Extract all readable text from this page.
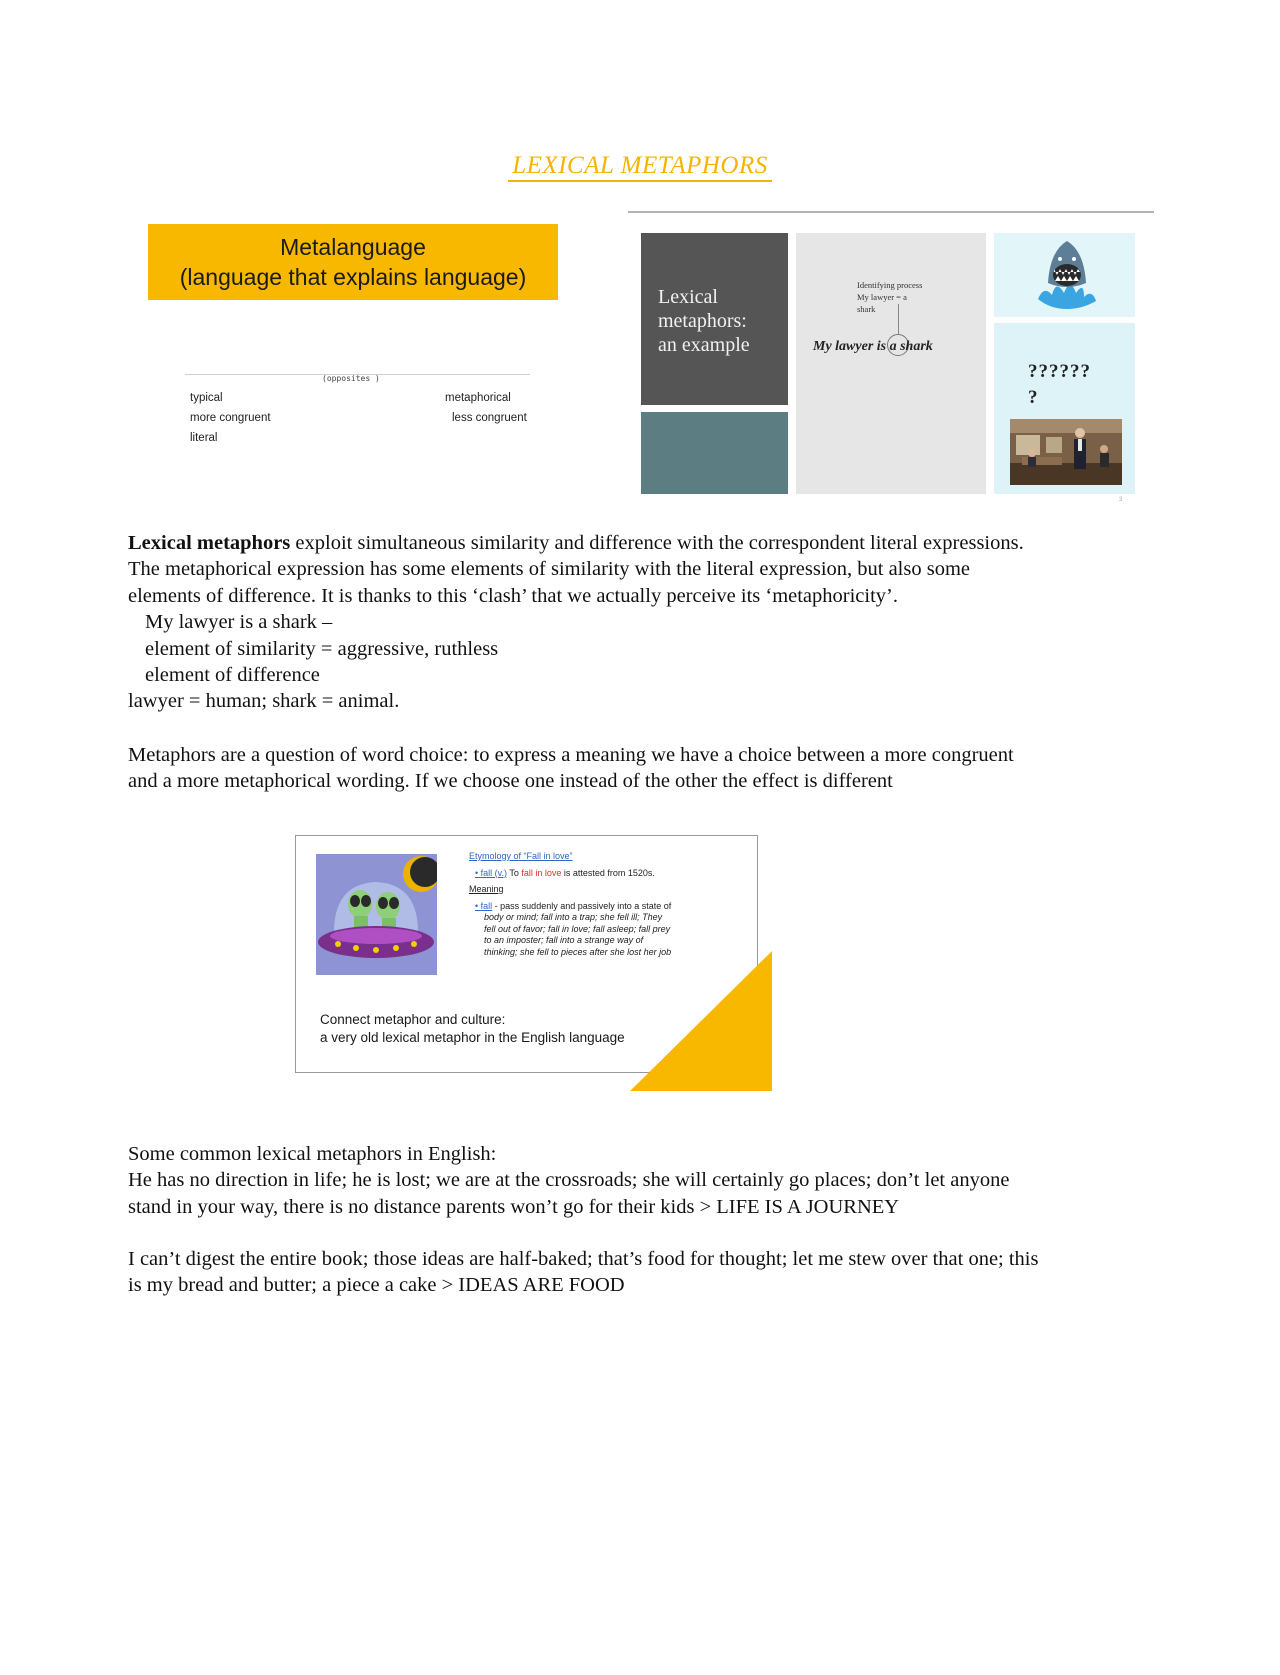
LEXICAL METAPHORS
Metalanguage
(language that explains language)
(opposites )
typical
more congruent
literal
metaphorical
less congruent
Lexical
metaphors:
an example
Identifying process
My lawyer = a
shark
My lawyer is a shark
??????
?
3

Lexical metaphors exploit simultaneous similarity and difference with the correspondent literal expressions.

The metaphorical expression has some elements of similarity with the literal expression, but also some

elements of difference. It is thanks to this ‘clash’ that we actually perceive its ‘metaphoricity’.

My lawyer is a shark –

element of similarity = aggressive, ruthless

element of difference

lawyer = human; shark = animal.

Metaphors are a question of word choice: to express a meaning we have a choice between a more congruent

and a more metaphorical wording. If we choose one instead of the other the effect is different

Etymology of “Fall in love”
• fall (v.) To fall in love is attested from 1520s.
Meaning
• fall - pass suddenly and passively into a state of
body or mind; fall into a trap; she fell ill; They
fell out of favor; fall in love; fall asleep; fall prey
to an imposter; fall into a strange way of
thinking; she fell to pieces after she lost her job
Connect metaphor and culture:
a very old lexical metaphor in the English language

Some common lexical metaphors in English:

He has no direction in life; he is lost; we are at the crossroads; she will certainly go places; don’t let anyone

stand in your way, there is no distance parents won’t go for their kids > LIFE IS A JOURNEY

I can’t digest the entire book; those ideas are half-baked; that’s food for thought; let me stew over that one; this

is my bread and butter; a piece a cake > IDEAS ARE FOOD
